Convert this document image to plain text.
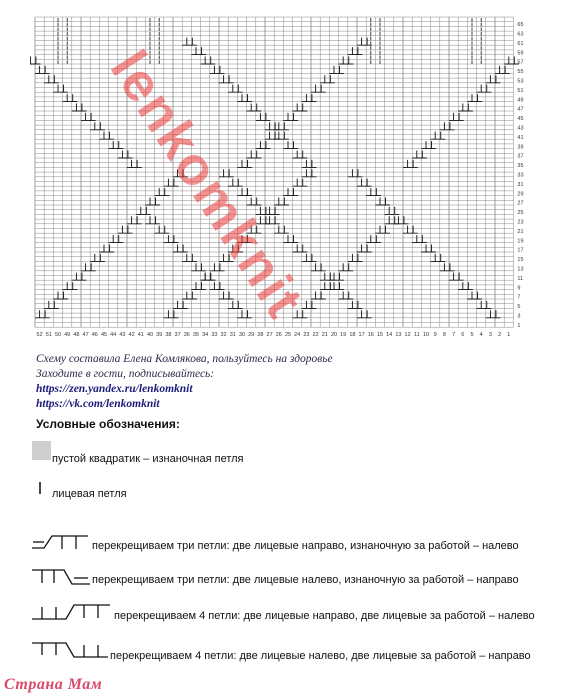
52 51 50 49 48 47 46 45 44 43 42 41 40 39 38 37 36 35 34 33 32 31 30 29 28 27 26 25 24 23 22 21 20 19 18 17 16 15 14 13 12 11 10 9 8 7 6 5 4 3 2 1
1
3
5
7
9
11
13
15
17
19
21
23
25
27
29
31
33
35
37
39
41
43
45
47
49
51
53
55
57
59
61
63
65
lenkomknit
Схему составила Елена Комлякова, пользуйтесь на здоровье
Заходите в гости, подписывайтесь:
https://zen.yandex.ru/lenkomknit
https://vk.com/lenkomknit
Условные обозначения:
пустой квадратик – изнаночная петля
лицевая петля
перекрещиваем три петли: две лицевые направо, изнаночную за работой – налево
перекрещиваем три петли: две лицевые налево, изнаночную за работой – направо
перекрещиваем 4 петли: две лицевые направо, две лицевые за работой – налево
перекрещиваем 4 петли: две лицевые налево, две лицевые за работой – направо
Страна Мам
